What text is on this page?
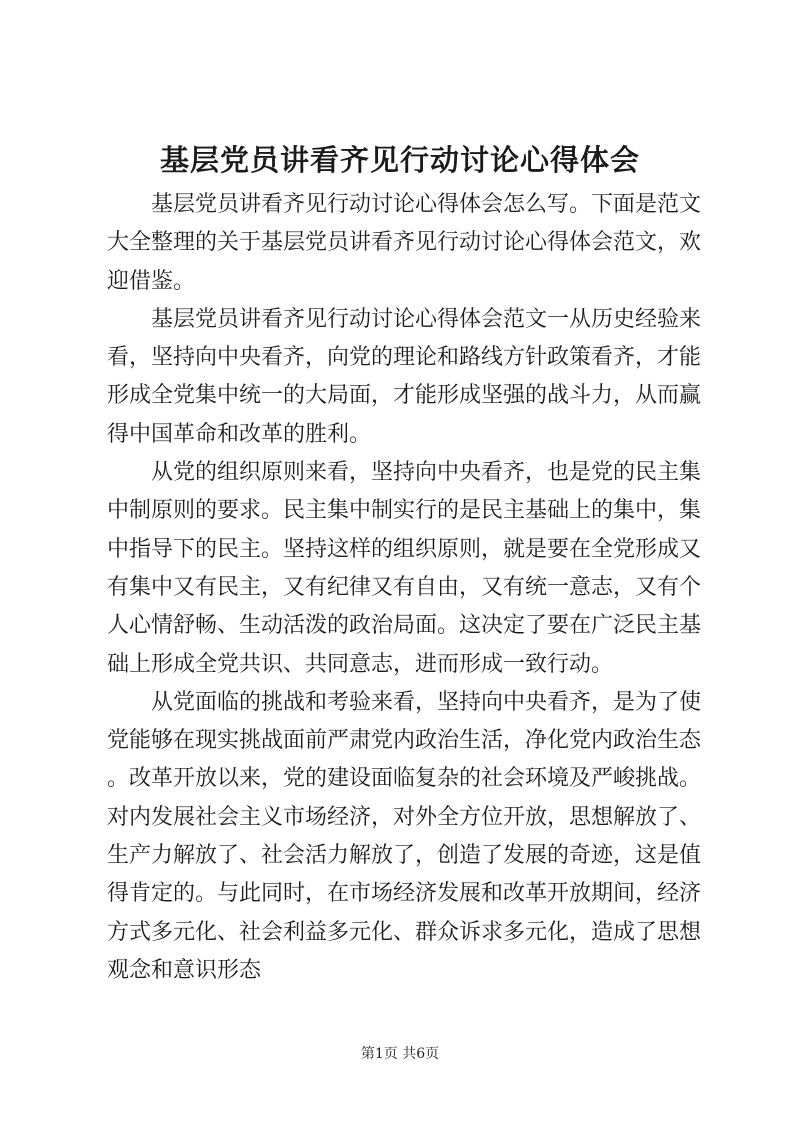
基层党员讲看齐见行动讨论心得体会

基层党员讲看齐见行动讨论心得体会怎么写。下面是范文大全整理的关于基层党员讲看齐见行动讨论心得体会范文，欢迎借鉴。

基层党员讲看齐见行动讨论心得体会范文一从历史经验来看，坚持向中央看齐，向党的理论和路线方针政策看齐，才能形成全党集中统一的大局面，才能形成坚强的战斗力，从而赢得中国革命和改革的胜利。

从党的组织原则来看，坚持向中央看齐，也是党的民主集中制原则的要求。民主集中制实行的是民主基础上的集中，集中指导下的民主。坚持这样的组织原则，就是要在全党形成又有集中又有民主，又有纪律又有自由，又有统一意志，又有个人心情舒畅、生动活泼的政治局面。这决定了要在广泛民主基础上形成全党共识、共同意志，进而形成一致行动。

从党面临的挑战和考验来看，坚持向中央看齐，是为了使党能够在现实挑战面前严肃党内政治生活，净化党内政治生态。改革开放以来，党的建设面临复杂的社会环境及严峻挑战。对内发展社会主义市场经济，对外全方位开放，思想解放了、生产力解放了、社会活力解放了，创造了发展的奇迹，这是值得肯定的。与此同时，在市场经济发展和改革开放期间，经济方式多元化、社会利益多元化、群众诉求多元化，造成了思想观念和意识形态

第1页 共6页
